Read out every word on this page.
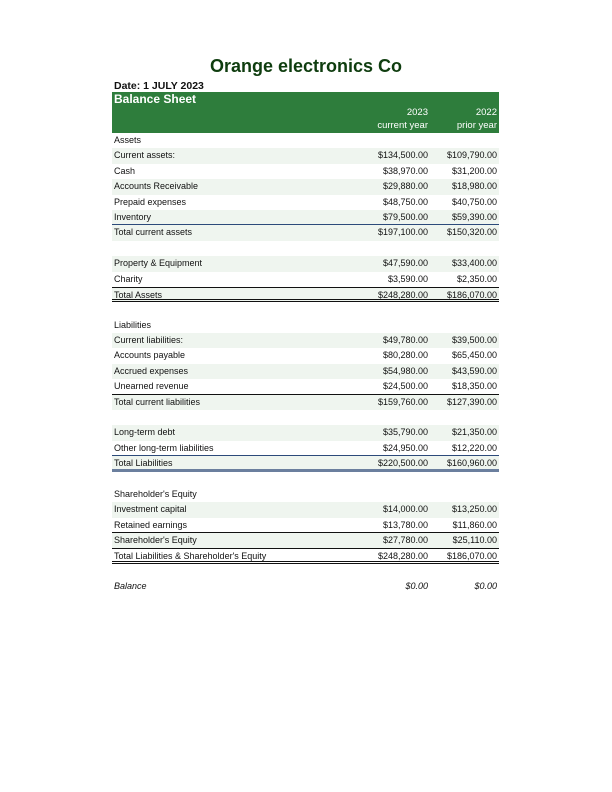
Orange electronics Co
Date: 1 JULY 2023
Balance Sheet
2023	2022
current year	prior year
Assets
Current assets:	$134,500.00 $109,790.00
Cash	$38,970.00	$31,200.00
Accounts Receivable	$29,880.00	$18,980.00
Prepaid expenses	$48,750.00	$40,750.00
Inventory	$79,500.00	$59,390.00
Total current assets	$197,100.00 $150,320.00
Property & Equipment	$47,590.00	$33,400.00
Charity	$3,590.00	$2,350.00
Total Assets	$248,280.00 $186,070.00
Liabilities
Current liabilities:	$49,780.00	$39,500.00
Accounts payable	$80,280.00	$65,450.00
Accrued expenses	$54,980.00	$43,590.00
Unearned revenue	$24,500.00	$18,350.00
Total current liabilities	$159,760.00 $127,390.00
Long-term debt	$35,790.00	$21,350.00
Other long-term liabilities	$24,950.00	$12,220.00
Total Liabilities	$220,500.00 $160,960.00
Shareholder's Equity
Investment capital	$14,000.00	$13,250.00
Retained earnings	$13,780.00	$11,860.00
Shareholder's Equity	$27,780.00	$25,110.00
Total Liabilities & Shareholder's Equity	$248,280.00 $186,070.00
Balance	$0.00	$0.00
